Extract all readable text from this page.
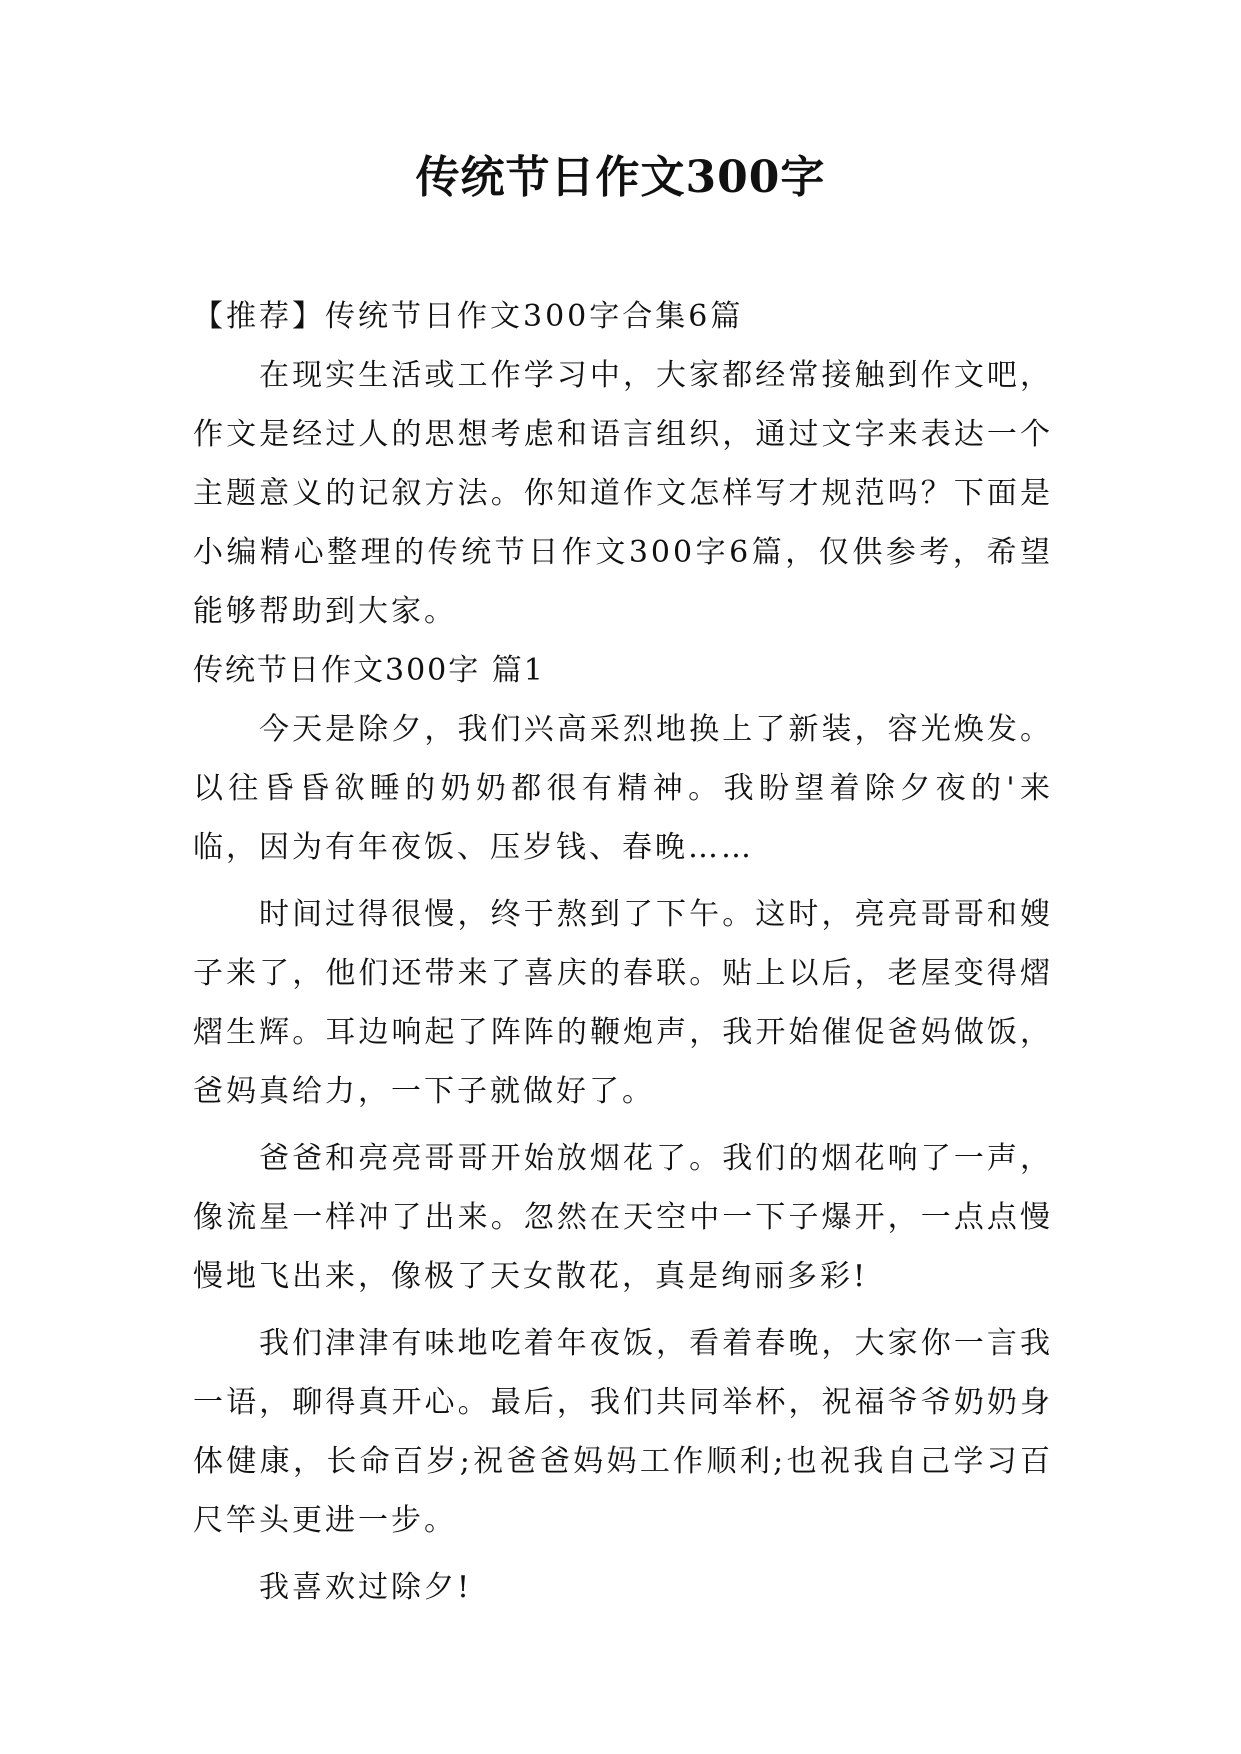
传统节日作文300字

【推荐】传统节日作文300字合集6篇

在现实生活或工作学习中，大家都经常接触到作文吧，作文是经过人的思想考虑和语言组织，通过文字来表达一个主题意义的记叙方法。你知道作文怎样写才规范吗？下面是小编精心整理的传统节日作文300字6篇，仅供参考，希望能够帮助到大家。

传统节日作文300字 篇1

今天是除夕，我们兴高采烈地换上了新装，容光焕发。以往昏昏欲睡的奶奶都很有精神。我盼望着除夕夜的'来临，因为有年夜饭、压岁钱、春晚……

时间过得很慢，终于熬到了下午。这时，亮亮哥哥和嫂子来了，他们还带来了喜庆的春联。贴上以后，老屋变得熠熠生辉。耳边响起了阵阵的鞭炮声，我开始催促爸妈做饭，爸妈真给力，一下子就做好了。

爸爸和亮亮哥哥开始放烟花了。我们的烟花响了一声，像流星一样冲了出来。忽然在天空中一下子爆开，一点点慢慢地飞出来，像极了天女散花，真是绚丽多彩!

我们津津有味地吃着年夜饭，看着春晚，大家你一言我一语，聊得真开心。最后，我们共同举杯，祝福爷爷奶奶身体健康，长命百岁;祝爸爸妈妈工作顺利;也祝我自己学习百尺竿头更进一步。

我喜欢过除夕!
